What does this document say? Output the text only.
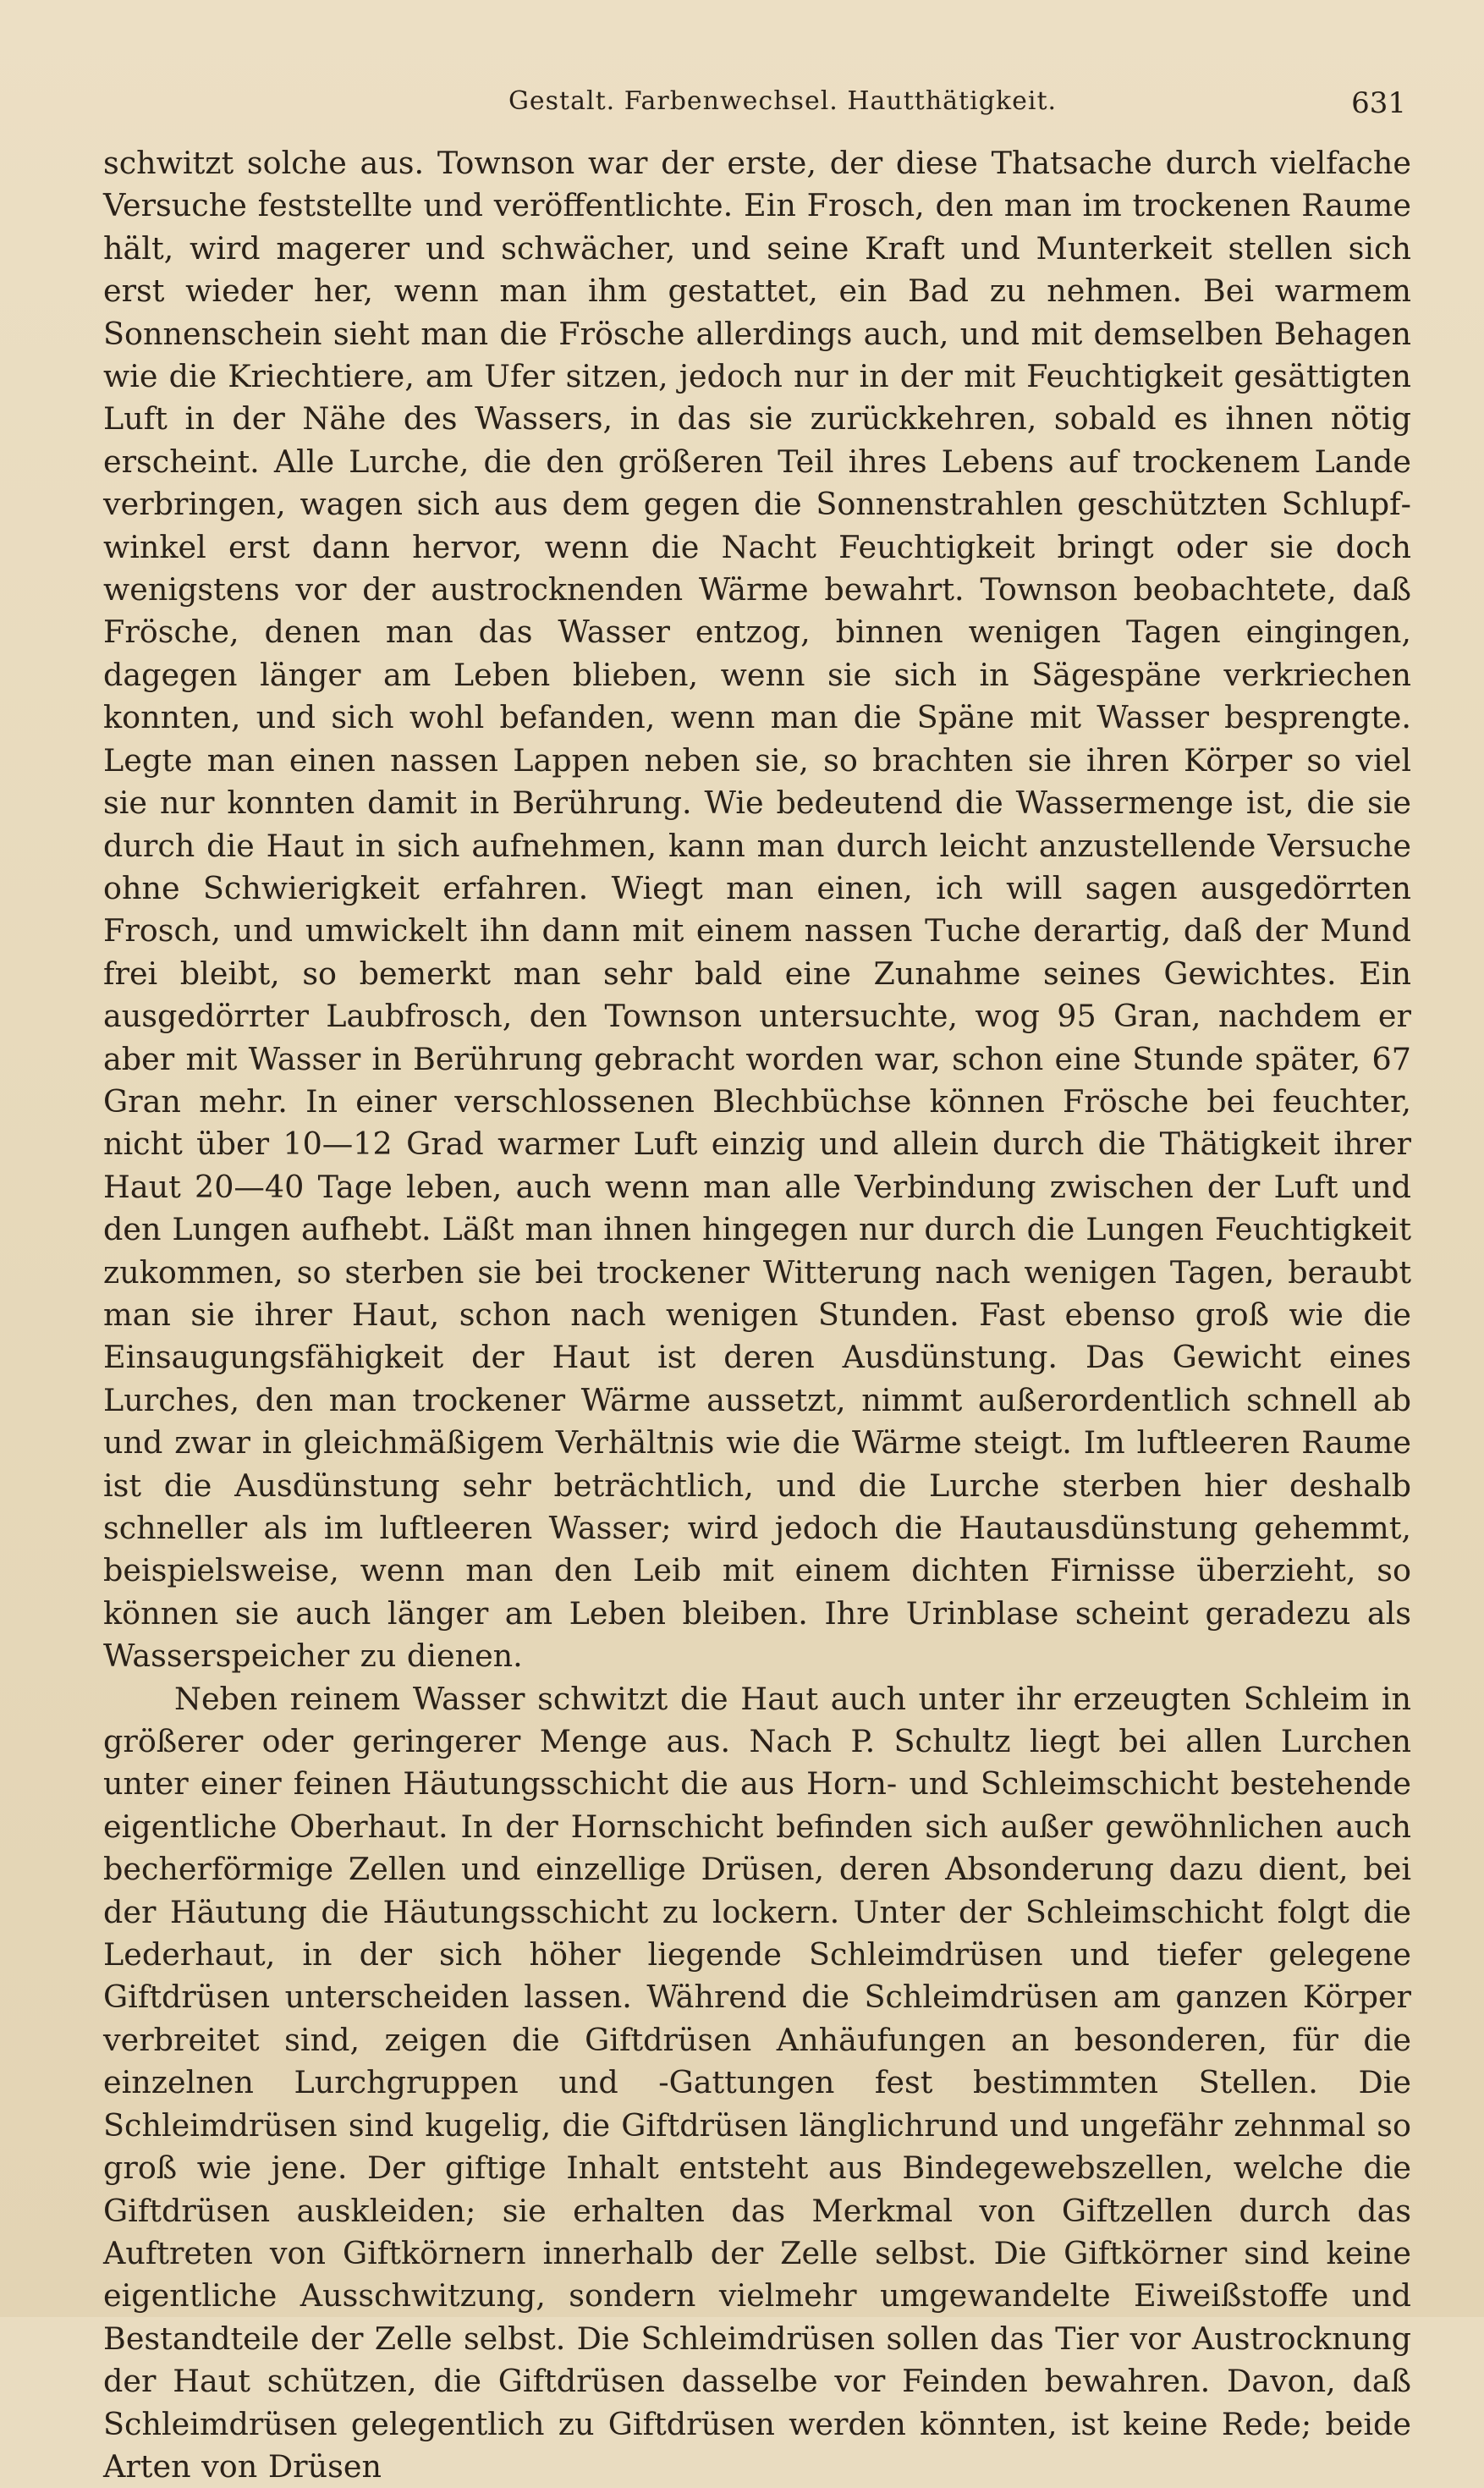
Gestalt. Farbenwechsel. Hautthätigkeit.	631

schwitzt solche aus. Townson war der erste, der diese Thatsache durch vielfache Versuche feststellte und veröffentlichte. Ein Frosch, den man im trockenen Raume hält, wird magerer und schwächer, und seine Kraft und Munterkeit stellen sich erst wieder her, wenn man ihm gestattet, ein Bad zu nehmen. Bei warmem Sonnenschein sieht man die Frösche allerdings auch, und mit demselben Behagen wie die Kriechtiere, am Ufer sitzen, jedoch nur in der mit Feuchtigkeit gesättigten Luft in der Nähe des Wassers, in das sie zurückkehren, sobald es ihnen nötig erscheint. Alle Lurche, die den größeren Teil ihres Lebens auf trockenem Lande verbringen, wagen sich aus dem gegen die Sonnenstrahlen geschützten Schlupfwinkel erst dann hervor, wenn die Nacht Feuchtigkeit bringt oder sie doch wenigstens vor der austrocknenden Wärme bewahrt. Townson beobachtete, daß Frösche, denen man das Wasser entzog, binnen wenigen Tagen eingingen, dagegen länger am Leben blieben, wenn sie sich in Sägespäne verkriechen konnten, und sich wohl befanden, wenn man die Späne mit Wasser besprengte. Legte man einen nassen Lappen neben sie, so brachten sie ihren Körper so viel sie nur konnten damit in Berührung. Wie bedeutend die Wassermenge ist, die sie durch die Haut in sich aufnehmen, kann man durch leicht anzustellende Versuche ohne Schwierigkeit erfahren. Wiegt man einen, ich will sagen ausgedörrten Frosch, und umwickelt ihn dann mit einem nassen Tuche derartig, daß der Mund frei bleibt, so bemerkt man sehr bald eine Zunahme seines Gewichtes. Ein ausgedörrter Laubfrosch, den Townson untersuchte, wog 95 Gran, nachdem er aber mit Wasser in Berührung gebracht worden war, schon eine Stunde später, 67 Gran mehr. In einer verschlossenen Blechbüchse können Frösche bei feuchter, nicht über 10—12 Grad warmer Luft einzig und allein durch die Thätigkeit ihrer Haut 20—40 Tage leben, auch wenn man alle Verbindung zwischen der Luft und den Lungen aufhebt. Läßt man ihnen hingegen nur durch die Lungen Feuchtigkeit zukommen, so sterben sie bei trockener Witterung nach wenigen Tagen, beraubt man sie ihrer Haut, schon nach wenigen Stunden. Fast ebenso groß wie die Einsaugungsfähigkeit der Haut ist deren Ausdünstung. Das Gewicht eines Lurches, den man trockener Wärme aussetzt, nimmt außerordentlich schnell ab und zwar in gleichmäßigem Verhältnis wie die Wärme steigt. Im luftleeren Raume ist die Ausdünstung sehr beträchtlich, und die Lurche sterben hier deshalb schneller als im luftleeren Wasser; wird jedoch die Hautausdünstung gehemmt, beispielsweise, wenn man den Leib mit einem dichten Firnisse überzieht, so können sie auch länger am Leben bleiben. Ihre Urinblase scheint geradezu als Wasserspeicher zu dienen.

Neben reinem Wasser schwitzt die Haut auch unter ihr erzeugten Schleim in größerer oder geringerer Menge aus. Nach P. Schultz liegt bei allen Lurchen unter einer feinen Häutungsschicht die aus Horn- und Schleimschicht bestehende eigentliche Oberhaut. In der Hornschicht befinden sich außer gewöhnlichen auch becherförmige Zellen und einzellige Drüsen, deren Absonderung dazu dient, bei der Häutung die Häutungsschicht zu lockern. Unter der Schleimschicht folgt die Lederhaut, in der sich höher liegende Schleimdrüsen und tiefer gelegene Giftdrüsen unterscheiden lassen. Während die Schleimdrüsen am ganzen Körper verbreitet sind, zeigen die Giftdrüsen Anhäufungen an besonderen, für die einzelnen Lurchgruppen und -Gattungen fest bestimmten Stellen. Die Schleimdrüsen sind kugelig, die Giftdrüsen länglichrund und ungefähr zehnmal so groß wie jene. Der giftige Inhalt entsteht aus Bindegewebszellen, welche die Giftdrüsen auskleiden; sie erhalten das Merkmal von Giftzellen durch das Auftreten von Giftkörnern innerhalb der Zelle selbst. Die Giftkörner sind keine eigentliche Ausschwitzung, sondern vielmehr umgewandelte Eiweißstoffe und Bestandteile der Zelle selbst. Die Schleimdrüsen sollen das Tier vor Austrocknung der Haut schützen, die Giftdrüsen dasselbe vor Feinden bewahren. Davon, daß Schleimdrüsen gelegentlich zu Giftdrüsen werden könnten, ist keine Rede; beide Arten von Drüsen
